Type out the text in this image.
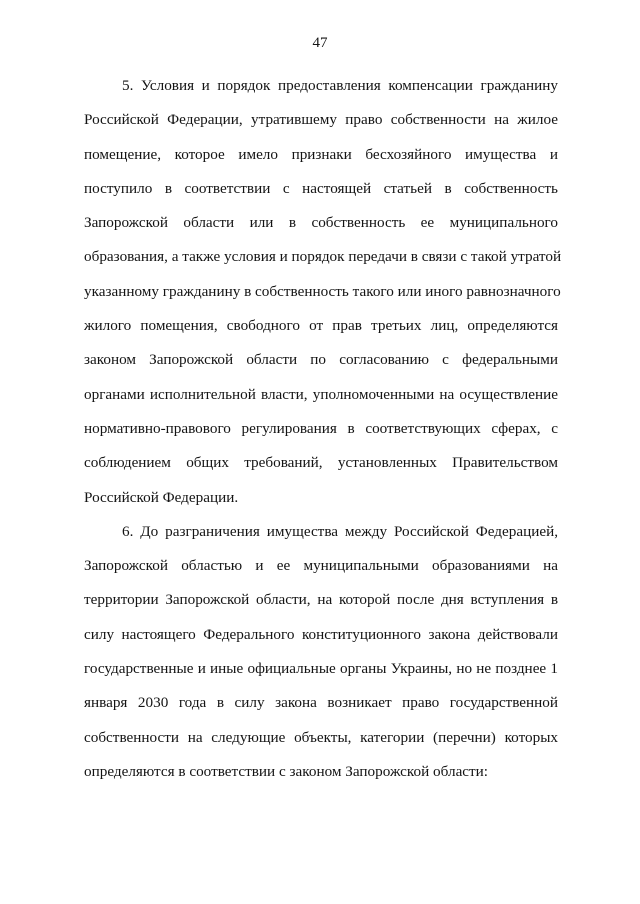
47
5. Условия и порядок предоставления компенсации гражданину
Российской Федерации, утратившему право собственности на жилое
помещение, которое имело признаки бесхозяйного имущества и
поступило в соответствии с настоящей статьей в собственность
Запорожской области или в собственность ее муниципального
образования, а также условия и порядок передачи в связи с такой утратой
указанному гражданину в собственность такого или иного равнозначного
жилого помещения, свободного от прав третьих лиц, определяются
законом Запорожской области по согласованию с федеральными
органами исполнительной власти, уполномоченными на осуществление
нормативно-правового регулирования в соответствующих сферах, с
соблюдением общих требований, установленных Правительством
Российской Федерации.
6. До разграничения имущества между Российской Федерацией,
Запорожской областью и ее муниципальными образованиями на
территории Запорожской области, на которой после дня вступления в
силу настоящего Федерального конституционного закона действовали
государственные и иные официальные органы Украины, но не позднее 1
января 2030 года в силу закона возникает право государственной
собственности на следующие объекты, категории (перечни) которых
определяются в соответствии с законом Запорожской области:
